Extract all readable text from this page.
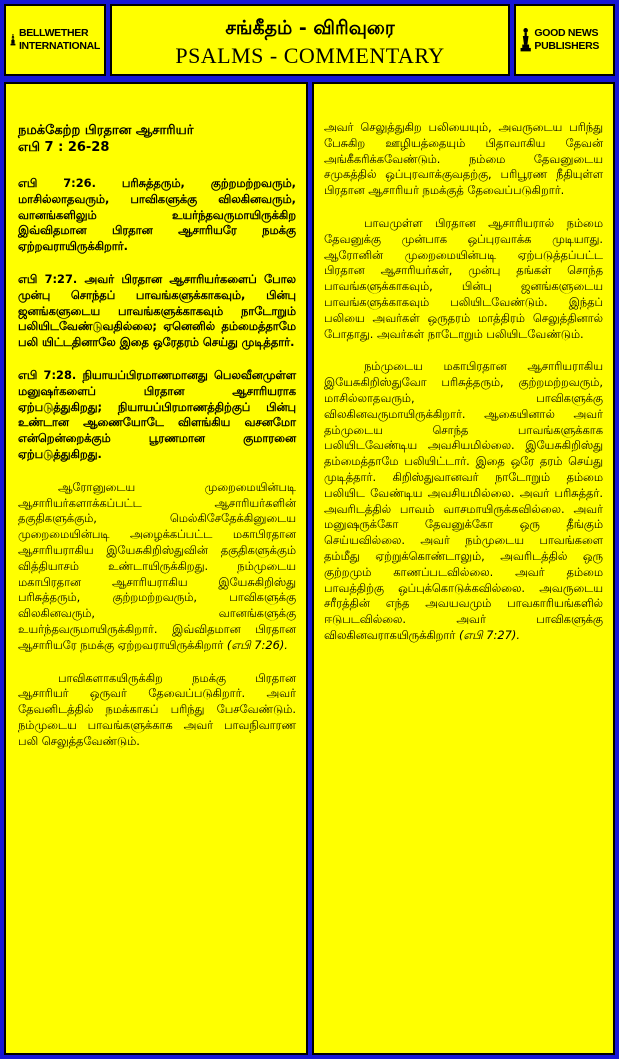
BELLWETHER INTERNATIONAL
சங்கீதம் - விரிவுரை
PSALMS - COMMENTARY
GOOD NEWS PUBLISHERS
நமக்கேற்ற பிரதான ஆசாரியர்
எபி 7 : 26-28

எபி 7:26. பரிசுத்தரும், குற்றமற்றவரும், மாசில்லாதவரும், பாவிகளுக்கு விலகினவரும், வானங்களிலும் உயர்ந்தவருமாயிருக்கிற இவ்விதமான பிரதான ஆசாரியரே நமக்கு ஏற்றவராயிருக்கிறார்.

எபி 7:27. அவர் பிரதான ஆசாரியர்களைப் போல முன்பு சொந்தப் பாவங்களுக்காகவும், பின்பு ஜனங்களுடைய பாவங்களுக்காகவும் நாடோறும் பலியிடவேண்டுவதில்லை; ஏனெனில் தம்மைத்தாமே பலி யிட்டதினாலே இதை ஒரேதரம் செய்து முடித்தார்.

எபி 7:28. நியாயப்பிரமாணமானது பெலவீனமுள்ள மனுஷர்களைப் பிரதான ஆசாரியராக ஏற்படுத்துகிறது; நியாயப்பிரமாணத்திற்குப் பின்பு உண்டான ஆணையோடே விளங்கிய வசனமோ என்றென்றைக்கும் பூரணமான குமாரனை ஏற்படுத்துகிறது.

ஆரோனுடைய முறைமையின்படி ஆசாரியர்களாக்கப்பட்ட ஆசாரியர்களின் தகுதிகளுக்கும், மெல்கிசேதேக்கினுடைய முறைமையின்படி அழைக்கப்பட்ட மகாபிரதான ஆசாரியராகிய இயேசுகிறிஸ்துவின் தகுதிகளுக்கும் வித்தியாசம் உண்டாயிருக்கிறது. நம்முடைய மகாபிரதான ஆசாரியராகிய இயேசுகிறிஸ்து பரிசுத்தரும், குற்றமற்றவரும், பாவிகளுக்கு விலகினவரும், வானங்களுக்கு உயர்ந்தவருமாயிருக்கிறார். இவ்விதமான பிரதான ஆசாரியரே நமக்கு ஏற்றவராயிருக்கிறார் (எபி 7:26).

பாவிகளாகயிருக்கிற நமக்கு பிரதான ஆசாரியர் ஒருவர் தேவைப்படுகிறார். அவர் தேவனிடத்தில் நமக்காகப் பரிந்து பேசவேண்டும். நம்முடைய பாவங்களுக்காக அவர் பாவநிவாரண பலி செலுத்தவேண்டும்.

அவர் செலுத்துகிற பலியையும், அவருடைய பரிந்து பேசுகிற ஊழியத்தையும் பிதாவாகிய தேவன் அங்கீகரிக்கவேண்டும். நம்மை தேவனுடைய சமுகத்தில் ஒப்புரவாக்குவதற்கு, பரிபூரண நீதியுள்ள பிரதான ஆசாரியர் நமக்குத் தேவைப்படுகிறார்.

பாவமுள்ள பிரதான ஆசாரியரால் நம்மை தேவனுக்கு முன்பாக ஒப்புரவாக்க முடியாது. ஆரோனின் முறைமையின்படி ஏற்படுத்தப்பட்ட பிரதான ஆசாரியர்கள், முன்பு தங்கள் சொந்த பாவங்களுக்காகவும், பின்பு ஜனங்களுடைய பாவங்களுக்காகவும் பலியிடவேண்டும். இந்தப் பலியை அவர்கள் ஒருதரம் மாத்திரம் செலுத்தினால் போதாது. அவர்கள் நாடோறும் பலியிடவேண்டும்.

நம்முடைய மகாபிரதான ஆசாரியராகிய இயேசுகிறிஸ்துவோ பரிசுத்தரும், குற்றமற்றவரும், மாசில்லாதவரும், பாவிகளுக்கு விலகினவருமாயிருக்கிறார். ஆகையினால் அவர் தம்முடைய சொந்த பாவங்களுக்காக பலியிடவேண்டிய அவசியமில்லை. இயேசுகிறிஸ்து தம்மைத்தாமே பலியிட்டார். இதை ஒரே தரம் செய்து முடித்தார். கிறிஸ்துவானவர் நாடோறும் தம்மை பலியிட வேண்டிய அவசியமில்லை. அவர் பரிசுத்தர். அவரிடத்தில் பாவம் வாசமாயிருக்கவில்லை. அவர் மனுஷருக்கோ தேவனுக்கோ ஒரு தீங்கும் செய்யவில்லை. அவர் நம்முடைய பாவங்களை தம்மீது ஏற்றுக்கொண்டாலும், அவரிடத்தில் ஒரு குற்றமும் காணப்படவில்லை. அவர் தம்மை பாவத்திற்கு ஒப்புக்கொடுக்கவில்லை. அவருடைய சரீரத்தின் எந்த அவயவமும் பாவகாரியங்களில் ஈடுபடவில்லை. அவர் பாவிகளுக்கு விலகினவராகயிருக்கிறார் (எபி 7:27).
